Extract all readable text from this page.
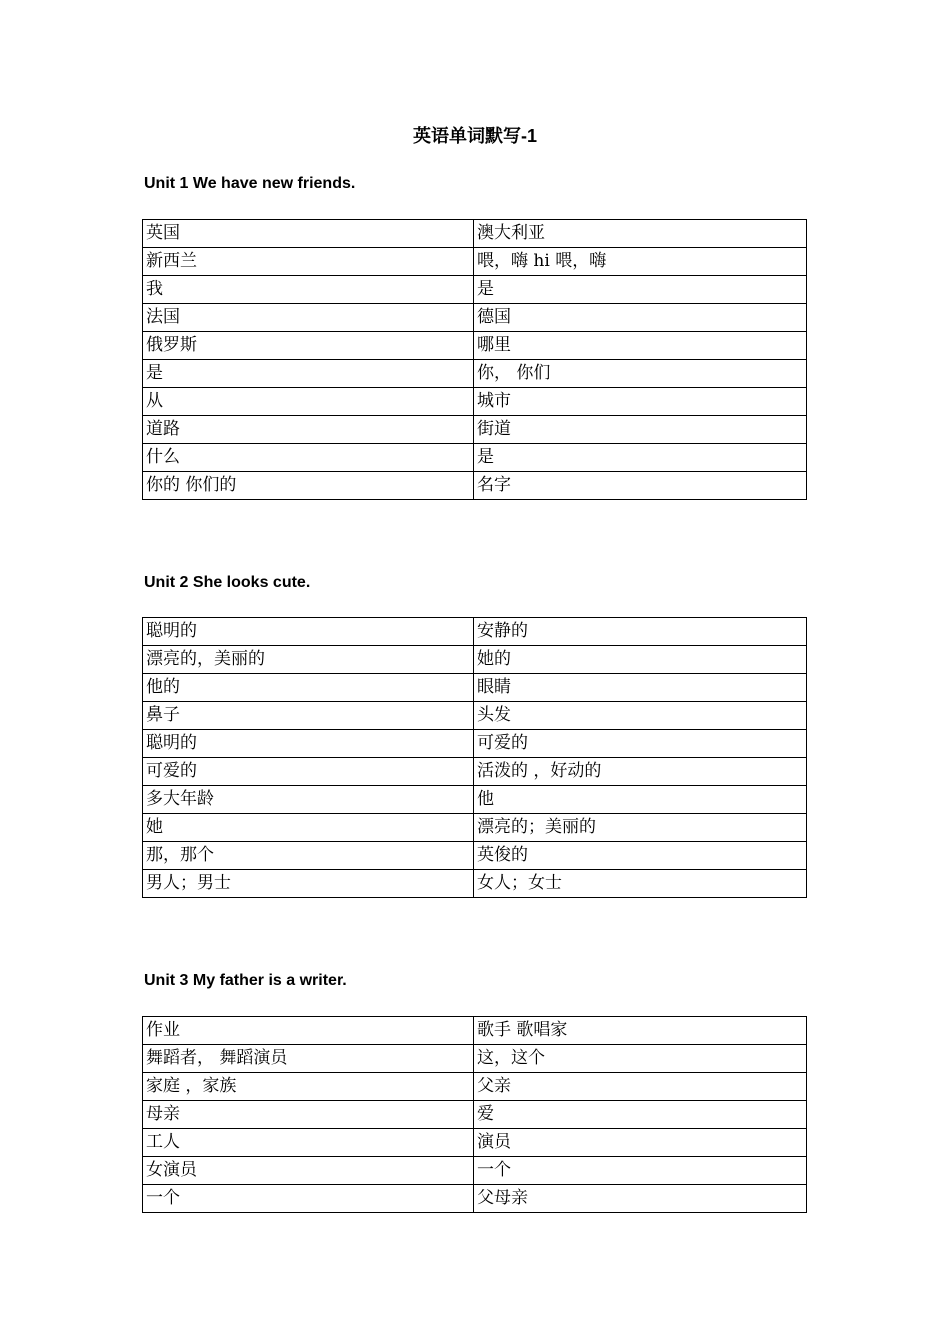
英语单词默写-1
Unit 1 We have new friends.
英国	澳大利亚
新西兰	喂，嗨 hi 喂，嗨
我	是
法国	德国
俄罗斯	哪里
是	你， 你们
从	城市
道路	街道
什么	是
你的 你们的	名字
Unit 2 She looks cute.
聪明的	安静的
漂亮的，美丽的	她的
他的	眼睛
鼻子	头发
聪明的	可爱的
可爱的	活泼的 ，好动的
多大年龄	他
她	漂亮的；美丽的
那，那个	英俊的
男人；男士	女人；女士
Unit 3 My father is a writer.
作业	歌手 歌唱家
舞蹈者， 舞蹈演员	这，这个
家庭 ，家族	父亲
母亲	爱
工人	演员
女演员	一个
一个	父母亲
